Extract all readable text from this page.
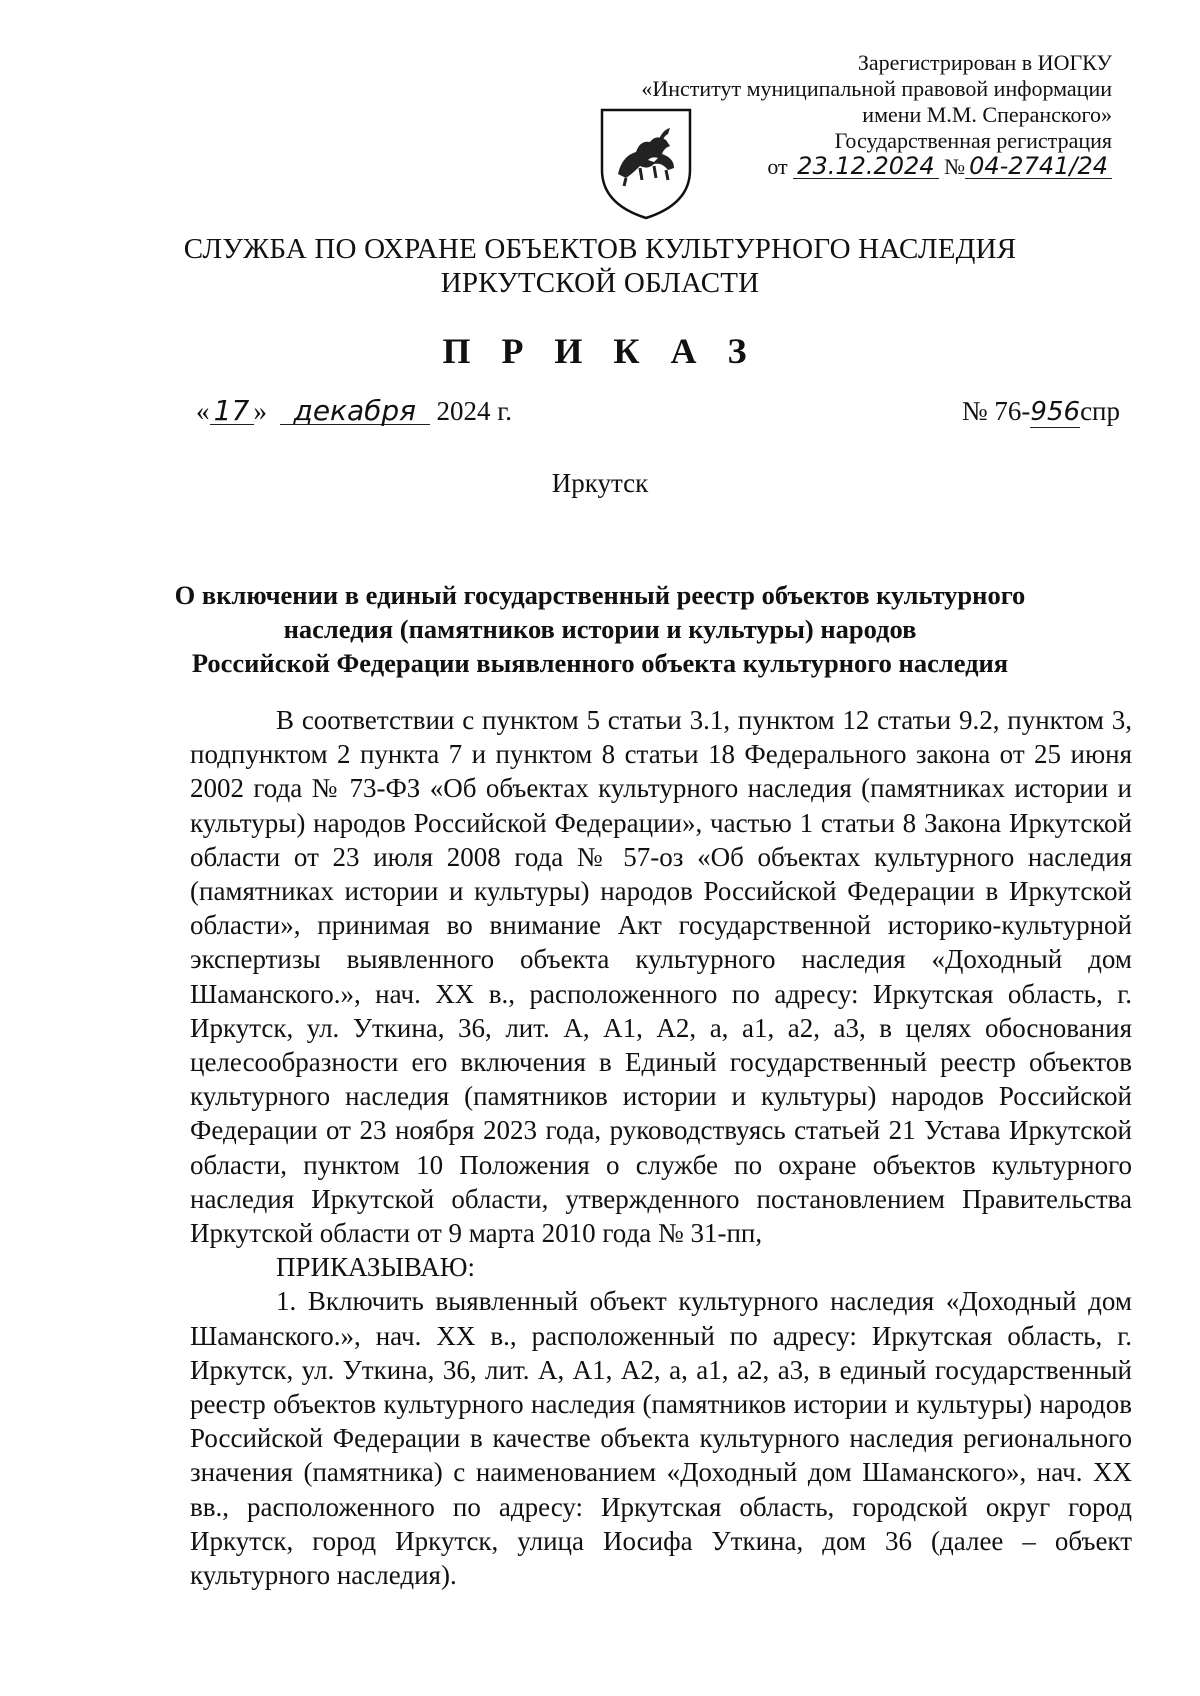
Зарегистрирован в ИОГКУ
«Институт муниципальной правовой информации
имени М.М. Сперанского»
Государственная регистрация
от 23.12.2024 № 04-2741/24
СЛУЖБА ПО ОХРАНЕ ОБЪЕКТОВ КУЛЬТУРНОГО НАСЛЕДИЯ
ИРКУТСКОЙ ОБЛАСТИ
П Р И К А З
« 17 » декабря 2024 г.	№ 76-956спр
Иркутск
О включении в единый государственный реестр объектов культурного
наследия (памятников истории и культуры) народов
Российской Федерации выявленного объекта культурного наследия

В соответствии с пунктом 5 статьи 3.1, пунктом 12 статьи 9.2, пунктом 3, подпунктом 2 пункта 7 и пунктом 8 статьи 18 Федерального закона от 25 июня 2002 года № 73-ФЗ «Об объектах культурного наследия (памятниках истории и культуры) народов Российской Федерации», частью 1 статьи 8 Закона Иркутской области от 23 июля 2008 года № 57-оз «Об объектах культурного наследия (памятниках истории и культуры) народов Российской Федерации в Иркутской области», принимая во внимание Акт государственной историко-культурной экспертизы выявленного объекта культурного наследия «Доходный дом Шаманского.», нач. XX в., расположенного по адресу: Иркутская область, г. Иркутск, ул. Уткина, 36, лит. А, А1, А2, а, а1, а2, а3, в целях обоснования целесообразности его включения в Единый государственный реестр объектов культурного наследия (памятников истории и культуры) народов Российской Федерации от 23 ноября 2023 года, руководствуясь статьей 21 Устава Иркутской области, пунктом 10 Положения о службе по охране объектов культурного наследия Иркутской области, утвержденного постановлением Правительства Иркутской области от 9 марта 2010 года № 31-пп,

ПРИКАЗЫВАЮ:

1. Включить выявленный объект культурного наследия «Доходный дом Шаманского.», нач. XX в., расположенный по адресу: Иркутская область, г. Иркутск, ул. Уткина, 36, лит. А, А1, А2, а, а1, а2, а3, в единый государственный реестр объектов культурного наследия (памятников истории и культуры) народов Российской Федерации в качестве объекта культурного наследия регионального значения (памятника) с наименованием «Доходный дом Шаманского», нач. XX вв., расположенного по адресу: Иркутская область, городской округ город Иркутск, город Иркутск, улица Иосифа Уткина, дом 36 (далее – объект культурного наследия).
